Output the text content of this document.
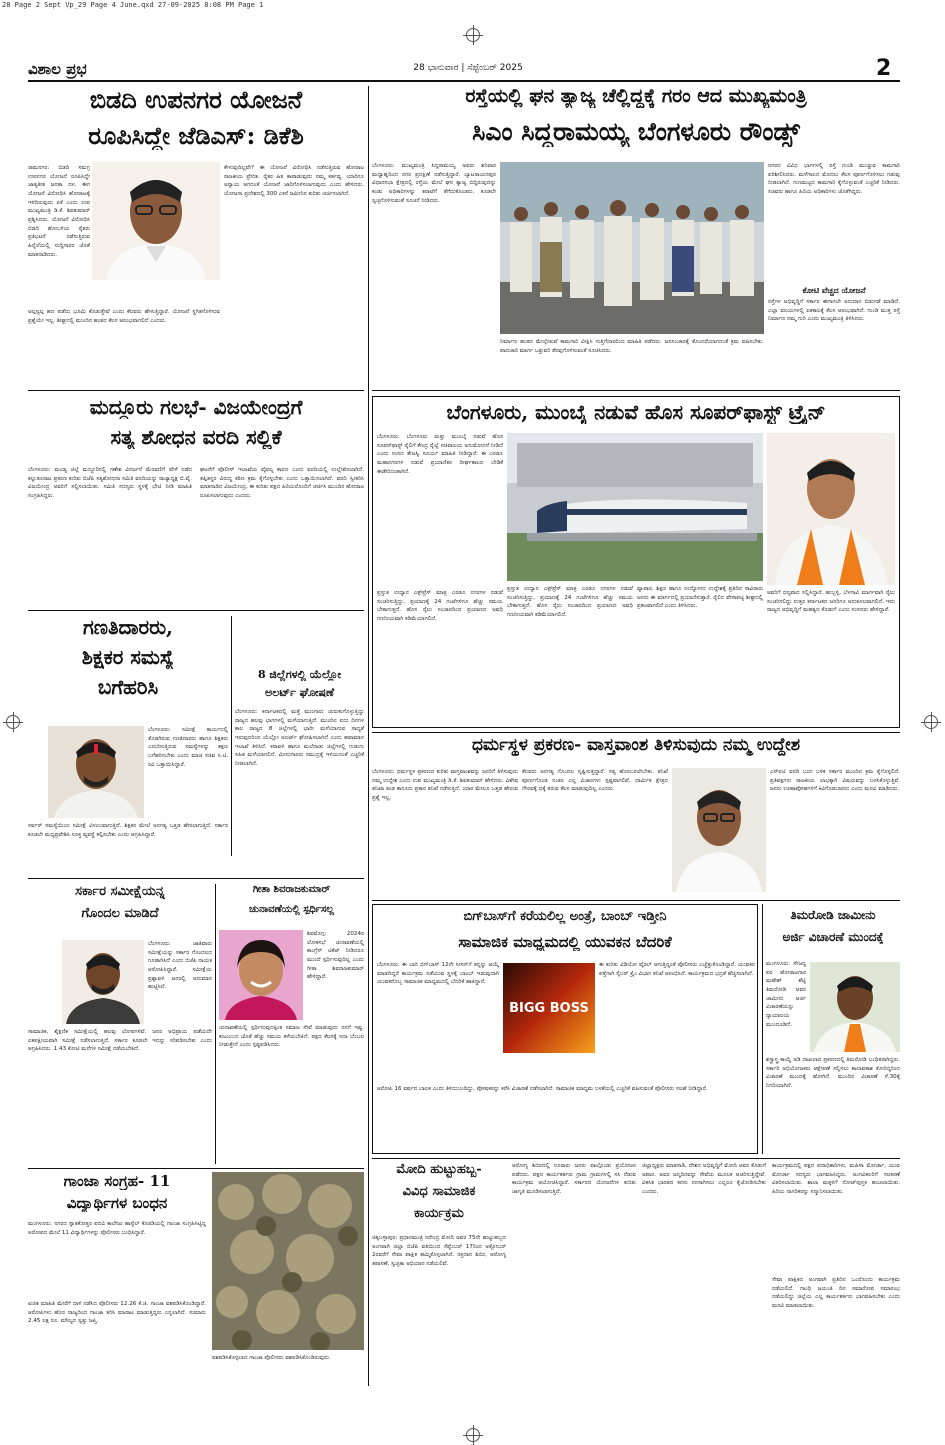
28 Page 2 Sept Vp_29 Page 4 June.qxd 27-09-2025 8:08 PM Page 1
ವಿಶಾಲ ಪ್ರಭ	28 ಭಾನುವಾರ | ಸೆಪ್ಟೆಂಬರ್ 2025	2
ಬಿಡದಿ ಉಪನಗರ ಯೋಜನೆ
ರೂಪಿಸಿದ್ದೇ ಜೆಡಿಎಸ್: ಡಿಕೆಶಿ
ರಾಮನಗರ: ಬಿಡದಿ ಸಮಗ್ರ ಉಪನಗರ ಯೋಜನೆ ರೂಪಿಸಿದ್ದೇ ಜಾತ್ಯತೀತ ಜನತಾ ದಳ. ಈಗ ಯೋಜನೆ ವಿರೋಧಿಸಿ ಹೋರಾಟಕ್ಕೆ ಇಳಿದಿರುವುದು ಏಕೆ ಎಂದು ಉಪ ಮುಖ್ಯಮಂತ್ರಿ ಡಿ.ಕೆ. ಶಿವಕುಮಾರ್ ಪ್ರಶ್ನಿಸಿದರು. ಯೋಜನೆ ವಿರೋಧಿಸಿ ಬಿಡದಿ ಹೋಬಳಿಯ ರೈತರು ಪ್ರತಿಭಟನೆ ನಡೆಸುತ್ತಿರುವ ಹಿನ್ನೆಲೆಯಲ್ಲಿ ಸುದ್ದಿಗಾರರ ಜೊತೆ ಮಾತನಾಡಿದರು.
ಕೇಳುವುದಿಲ್ಲವೇ? ಈ ಯೋಜನೆ ವಿರೋಧಿಸಿ ನಡೆಸುತ್ತಿರುವ ಹೋರಾಟ ರಾಜಕೀಯ ಪ್ರೇರಿತ. ರೈತರ ಹಿತ ಕಾಪಾಡುವುದು ನಮ್ಮ ಕರ್ತವ್ಯ. ಯಾರಿಗೂ ಅನ್ಯಾಯ ಆಗದಂತೆ ಯೋಜನೆ ಜಾರಿಗೊಳಿಸಲಾಗುವುದು ಎಂದು ಹೇಳಿದರು. ಯೋಜನಾ ಪ್ರದೇಶದಲ್ಲಿ 300 ಎಕರೆ ಜಮೀನಿನ ಕುರಿತು ಚರ್ಚಿಸಲಾಗಿದೆ.
ಅಲ್ಪಸ್ವಲ್ಪ ಹಣ ಪಡೆದು ಭೂಮಿ ಕೊಡುತ್ತೇವೆ ಎಂದು ಕೆಲವರು ಹೇಳುತ್ತಿದ್ದಾರೆ. ಯೋಜನೆ ಸ್ಥಗಿತಗೊಳಿಸುವ ಪ್ರಶ್ನೆಯೇ ಇಲ್ಲ. ಶೀಘ್ರದಲ್ಲಿ ಮುಂದಿನ ಹಂತದ ಕೆಲಸ ಆರಂಭವಾಗಲಿದೆ ಎಂದರು.
ರಸ್ತೆಯಲ್ಲಿ ಘನ ತ್ಯಾಜ್ಯ ಚೆಲ್ಲಿದ್ದಕ್ಕೆ ಗರಂ ಆದ ಮುಖ್ಯಮಂತ್ರಿ
ಸಿಎಂ ಸಿದ್ದರಾಮಯ್ಯ ಬೆಂಗಳೂರು ರೌಂಡ್ಸ್
ಬೆಂಗಳೂರು: ಮುಖ್ಯಮಂತ್ರಿ ಸಿದ್ದರಾಮಯ್ಯ ಅವರು ಶನಿವಾರ ಮಧ್ಯಾಹ್ನದಿಂದ ನಗರ ಪ್ರದಕ್ಷಿಣೆ ನಡೆಸುತ್ತಿದ್ದಾರೆ. ಬ್ಯಾಟರಾಯನಪುರ ವಿಧಾನಸಭಾ ಕ್ಷೇತ್ರದಲ್ಲಿ ರಸ್ತೆಯ ಮೇಲೆ ಘನ ತ್ಯಾಜ್ಯ ಬಿದ್ದಿರುವುದನ್ನು ಕಂಡು ಅಧಿಕಾರಿಗಳನ್ನು ತರಾಟೆಗೆ ತೆಗೆದುಕೊಂಡರು. ಕೂಡಲೇ ಸ್ವಚ್ಛಗೊಳಿಸುವಂತೆ ಸೂಚನೆ ನೀಡಿದರು.
ನಗರದ ವಿವಿಧ ಭಾಗಗಳಲ್ಲಿ ರಸ್ತೆ ಗುಂಡಿ ಮುಚ್ಚುವ ಕಾಮಗಾರಿ ಪರಿಶೀಲಿಸಿದರು. ಮಳೆಗಾಲದ ಮೊದಲು ಕೆಲಸ ಪೂರ್ಣಗೊಳಿಸಲು ಗಡುವು ನೀಡಲಾಗಿದೆ. ಗುಣಮಟ್ಟದ ಕಾಮಗಾರಿ ಕೈಗೊಳ್ಳುವಂತೆ ಎಚ್ಚರಿಕೆ ನೀಡಿದರು. ಸಚಿವರು ಹಾಗೂ ಹಿರಿಯ ಅಧಿಕಾರಿಗಳು ಜೊತೆಗಿದ್ದರು.
ಕೋಟಿ ವೆಚ್ಚದ ಯೋಜನೆ
ರಸ್ತೆಗಳ ಅಭಿವೃದ್ಧಿಗೆ ಸರ್ಕಾರ ಈಗಾಗಲೇ ಅನುದಾನ ಬಿಡುಗಡೆ ಮಾಡಿದೆ. ಎಲ್ಲಾ ವಲಯಗಳಲ್ಲಿ ಏಕಕಾಲಕ್ಕೆ ಕೆಲಸ ಆರಂಭವಾಗಿದೆ. ಗುಂಡಿ ಮುಕ್ತ ರಸ್ತೆ ನಿರ್ಮಾಣ ನಮ್ಮ ಗುರಿ ಎಂದು ಮುಖ್ಯಮಂತ್ರಿ ತಿಳಿಸಿದರು.
ನಿರ್ಮಾಣ ಹಂತದ ಮೇಲ್ಸೇತುವೆ ಕಾಮಗಾರಿ ವೀಕ್ಷಿಸಿ ಗುತ್ತಿಗೆದಾರರಿಂದ ಮಾಹಿತಿ ಪಡೆದರು. ಜನಸಂಚಾರಕ್ಕೆ ತೊಂದರೆಯಾಗದಂತೆ ಕ್ರಮ ವಹಿಸಬೇಕು. ಪಾದಚಾರಿ ಮಾರ್ಗ ಒತ್ತುವರಿ ತೆರವುಗೊಳಿಸುವಂತೆ ಸೂಚಿಸಿದರು.
ಮದ್ದೂರು ಗಲಭೆ- ವಿಜಯೇಂದ್ರಗೆ
ಸತ್ಯ ಶೋಧನ ವರದಿ ಸಲ್ಲಿಕೆ
ಬೆಂಗಳೂರು: ಮಂಡ್ಯ ಜಿಲ್ಲೆ ಮದ್ದೂರಿನಲ್ಲಿ ಗಣೇಶ ವಿಸರ್ಜನೆ ಮೆರವಣಿಗೆ ವೇಳೆ ನಡೆದ ಕಲ್ಲುತೂರಾಟ ಪ್ರಕರಣ ಕುರಿತು ಬಿಜೆಪಿ ಸತ್ಯಶೋಧನಾ ಸಮಿತಿ ವರದಿಯನ್ನು ರಾಜ್ಯಾಧ್ಯಕ್ಷ ಬಿ.ವೈ. ವಿಜಯೇಂದ್ರ ಅವರಿಗೆ ಸಲ್ಲಿಸಲಾಯಿತು. ಸಮಿತಿ ಸದಸ್ಯರು ಸ್ಥಳಕ್ಕೆ ಭೇಟಿ ನೀಡಿ ಮಾಹಿತಿ ಸಂಗ್ರಹಿಸಿದ್ದರು.
ಘಟನೆಗೆ ಪೊಲೀಸ್ ಇಲಾಖೆಯ ವೈಫಲ್ಯ ಕಾರಣ ಎಂದು ವರದಿಯಲ್ಲಿ ಉಲ್ಲೇಖಿಸಲಾಗಿದೆ. ತಪ್ಪಿತಸ್ಥರ ವಿರುದ್ಧ ಕಠಿಣ ಕ್ರಮ ಕೈಗೊಳ್ಳಬೇಕು ಎಂದು ಒತ್ತಾಯಿಸಲಾಗಿದೆ. ವರದಿ ಸ್ವೀಕರಿಸಿ ಮಾತನಾಡಿದ ವಿಜಯೇಂದ್ರ, ಈ ಕುರಿತು ಪಕ್ಷದ ಹಿರಿಯರೊಂದಿಗೆ ಚರ್ಚಿಸಿ ಮುಂದಿನ ಹೋರಾಟ ರೂಪಿಸಲಾಗುವುದು ಎಂದರು.
ಬೆಂಗಳೂರು, ಮುಂಬೈ ನಡುವೆ ಹೊಸ ಸೂಪರ್‌ಫಾಸ್ಟ್ ಟ್ರೈನ್
ಬೆಂಗಳೂರು: ಬೆಂಗಳೂರು ಮತ್ತು ಮುಂಬೈ ನಡುವೆ ಹೊಸ ಸೂಪರ್‌ಫಾಸ್ಟ್ ರೈಲಿಗೆ ಕೇಂದ್ರ ರೈಲ್ವೆ ಸಚಿವಾಲಯ ಅನುಮೋದನೆ ನೀಡಿದೆ ಎಂದು ಸಂಸದ ತೇಜಸ್ವಿ ಸೂರ್ಯ ಮಾಹಿತಿ ನೀಡಿದ್ದಾರೆ. ಈ ಎರಡೂ ಮಹಾನಗರಗಳ ನಡುವೆ ಪ್ರಯಾಣಿಕರ ದೀರ್ಘಕಾಲದ ಬೇಡಿಕೆ ಈಡೇರಿದಂತಾಗಿದೆ.
ಪ್ರಸ್ತುತ ಉದ್ಯಾನ ಎಕ್ಸ್‌ಪ್ರೆಸ್ ಮಾತ್ರ ಎರಡೂ ನಗರಗಳ ನಡುವೆ ಸಂಚರಿಸುತ್ತಿದ್ದು, ಪ್ರಯಾಣಕ್ಕೆ 24 ಗಂಟೆಗಳಿಗೂ ಹೆಚ್ಚು ಸಮಯ ಬೇಕಾಗುತ್ತದೆ. ಹೊಸ ರೈಲು ಸಂಚಾರದಿಂದ ಪ್ರಯಾಣದ ಅವಧಿ ಗಣನೀಯವಾಗಿ ಕಡಿಮೆಯಾಗಲಿದೆ.
ವ್ಯಾಪಾರ, ಶಿಕ್ಷಣ ಹಾಗೂ ಉದ್ಯೋಗದ ಉದ್ದೇಶಕ್ಕೆ ಪ್ರತಿದಿನ ಸಾವಿರಾರು ಜನರು ಈ ಮಾರ್ಗದಲ್ಲಿ ಪ್ರಯಾಣಿಸುತ್ತಾರೆ. ರೈಲಿನ ವೇಳಾಪಟ್ಟಿ ಶೀಘ್ರದಲ್ಲಿ ಪ್ರಕಟವಾಗಲಿದೆ ಎಂದು ತಿಳಿಸಿದರು.
ಪ್ರಸ್ತುತ ಉದ್ಯಾನ ಎಕ್ಸ್‌ಪ್ರೆಸ್ ಮಾತ್ರ ಎರಡೂ ನಗರಗಳ ನಡುವೆ ಸಂಚರಿಸುತ್ತಿದ್ದು, ಪ್ರಯಾಣಕ್ಕೆ 24 ಗಂಟೆಗಳಿಗೂ ಹೆಚ್ಚು ಸಮಯ ಬೇಕಾಗುತ್ತದೆ. ಹೊಸ ರೈಲು ಸಂಚಾರದಿಂದ ಪ್ರಯಾಣದ ಅವಧಿ ಗಣನೀಯವಾಗಿ ಕಡಿಮೆಯಾಗಲಿದೆ.
ಅವರಿಗೆ ಧನ್ಯವಾದ ಸಲ್ಲಿಸಿದ್ದಾರೆ. ಹುಬ್ಬಳ್ಳಿ, ಬೆಳಗಾವಿ ಮಾರ್ಗವಾಗಿ ರೈಲು ಸಂಚರಿಸಲಿದ್ದು ಉತ್ತರ ಕರ್ನಾಟಕದ ಜನರಿಗೂ ಅನುಕೂಲವಾಗಲಿದೆ. ಇದು ರಾಜ್ಯದ ಅಭಿವೃದ್ಧಿಗೆ ಮಹತ್ವದ ಕೊಡುಗೆ ಎಂದು ಸಂಸದರು ಹೇಳಿದ್ದಾರೆ.
ಗಣತಿದಾರರು,
ಶಿಕ್ಷಕರ ಸಮಸ್ಯೆ
ಬಗೆಹರಿಸಿ
ಬೆಂಗಳೂರು: ಸಮೀಕ್ಷೆ ಕಾರ್ಯದಲ್ಲಿ ತೊಡಗಿರುವ ಗಣತಿದಾರರು ಹಾಗೂ ಶಿಕ್ಷಕರು ಎದುರಿಸುತ್ತಿರುವ ಸಮಸ್ಯೆಗಳನ್ನು ತಕ್ಷಣ ಬಗೆಹರಿಸಬೇಕು ಎಂದು ಮಾಜಿ ಸಚಿವ ಸಿ.ಟಿ. ರವಿ ಒತ್ತಾಯಿಸಿದ್ದಾರೆ.
ಸರ್ವರ್ ಸಮಸ್ಯೆಯಿಂದ ಸಮೀಕ್ಷೆ ವಿಳಂಬವಾಗುತ್ತಿದೆ. ಶಿಕ್ಷಕರ ಮೇಲೆ ಅನಗತ್ಯ ಒತ್ತಡ ಹೇರಲಾಗುತ್ತಿದೆ. ಸರ್ಕಾರ ಕೂಡಲೇ ಮಧ್ಯಪ್ರವೇಶಿಸಿ ಸೂಕ್ತ ವ್ಯವಸ್ಥೆ ಕಲ್ಪಿಸಬೇಕು ಎಂದು ಆಗ್ರಹಿಸಿದ್ದಾರೆ.
8 ಜಿಲ್ಲೆಗಳಲ್ಲಿ ಯೆಲ್ಲೋ
ಅಲರ್ಟ್ ಘೋಷಣೆ
ಬೆಂಗಳೂರು: ಕರ್ನಾಟಕದಲ್ಲಿ ಮತ್ತೆ ಮುಂಗಾರು ಚುರುಕುಗೊಳ್ಳುತ್ತಿದ್ದು ರಾಜ್ಯದ ಹಲವು ಭಾಗಗಳಲ್ಲಿ ಮಳೆಯಾಗುತ್ತಿದೆ. ಮುಂದಿನ ಐದು ದಿನಗಳ ಕಾಲ ರಾಜ್ಯದ 8 ಜಿಲ್ಲೆಗಳಲ್ಲಿ ಭಾರೀ ಮಳೆಯಾಗುವ ಸಾಧ್ಯತೆ ಇರುವುದರಿಂದ ಯೆಲ್ಲೋ ಅಲರ್ಟ್ ಘೋಷಿಸಲಾಗಿದೆ ಎಂದು ಹವಾಮಾನ ಇಲಾಖೆ ತಿಳಿಸಿದೆ. ಕರಾವಳಿ ಹಾಗೂ ಮಲೆನಾಡು ಜಿಲ್ಲೆಗಳಲ್ಲಿ ಗುಡುಗು ಸಹಿತ ಮಳೆಯಾಗಲಿದೆ. ಮೀನುಗಾರರು ಸಮುದ್ರಕ್ಕೆ ಇಳಿಯದಂತೆ ಎಚ್ಚರಿಕೆ ನೀಡಲಾಗಿದೆ.
ಧರ್ಮಸ್ಥಳ ಪ್ರಕರಣ- ವಾಸ್ತವಾಂಶ ತಿಳಿಸುವುದು ನಮ್ಮ ಉದ್ದೇಶ
ಬೆಂಗಳೂರು: ಧರ್ಮಸ್ಥಳ ಪ್ರಕರಣದ ಕುರಿತು ವಾಸ್ತವಾಂಶವನ್ನು ಜನರಿಗೆ ತಿಳಿಸುವುದು ನಮ್ಮ ಉದ್ದೇಶ ಎಂದು ಉಪ ಮುಖ್ಯಮಂತ್ರಿ ಡಿ.ಕೆ. ಶಿವಕುಮಾರ್ ಹೇಳಿದರು. ವಿಶೇಷ ತನಿಖಾ ತಂಡ ಕಾನೂನು ಪ್ರಕಾರ ತನಿಖೆ ನಡೆಸುತ್ತಿದೆ. ಯಾರ ಮೇಲೂ ಒತ್ತಡ ಹೇರುವ ಪ್ರಶ್ನೆ ಇಲ್ಲ.
ಕೆಲವರು ಅನಗತ್ಯ ಗೊಂದಲ ಸೃಷ್ಟಿಸುತ್ತಿದ್ದಾರೆ. ಸತ್ಯ ಹೊರಬರಲೇಬೇಕು. ತನಿಖೆ ಪೂರ್ಣಗೊಂಡ ನಂತರ ಎಲ್ಲ ವಿಚಾರಗಳು ಸ್ಪಷ್ಟವಾಗಲಿವೆ. ಧಾರ್ಮಿಕ ಕ್ಷೇತ್ರದ ಗೌರವಕ್ಕೆ ಧಕ್ಕೆ ತರುವ ಕೆಲಸ ಮಾಡುವುದಿಲ್ಲ ಎಂದರು.
ಎಸ್‌ಐಟಿ ವರದಿ ಬಂದ ಬಳಿಕ ಸರ್ಕಾರ ಮುಂದಿನ ಕ್ರಮ ಕೈಗೊಳ್ಳಲಿದೆ. ಪ್ರತಿಪಕ್ಷಗಳು ರಾಜಕೀಯ ಲಾಭಕ್ಕಾಗಿ ವಿಷಯವನ್ನು ಬಳಸಿಕೊಳ್ಳುತ್ತಿವೆ. ಜನರು ಊಹಾಪೋಹಗಳಿಗೆ ಕಿವಿಗೊಡಬಾರದು ಎಂದು ಮನವಿ ಮಾಡಿದರು.
ಸರ್ಕಾರ ಸಮೀಕ್ಷೆಯನ್ನ
ಗೊಂದಲ ಮಾಡಿದೆ
ಬೆಂಗಳೂರು: ಜಾತಿವಾರು ಸಮೀಕ್ಷೆಯನ್ನು ಸರ್ಕಾರ ಗೊಂದಲದ ಗೂಡಾಗಿಸಿದೆ ಎಂದು ಬಿಜೆಪಿ ನಾಯಕ ಆರೋಪಿಸಿದ್ದಾರೆ. ಸಮೀಕ್ಷೆಯ ಪ್ರಶ್ನಾವಳಿ ಜನರಲ್ಲಿ ಅನುಮಾನ ಹುಟ್ಟಿಸಿದೆ.
ಸಾಮಾಜಿಕ, ಶೈಕ್ಷಣಿಕ ಸಮೀಕ್ಷೆಯಲ್ಲಿ ಹಲವು ಲೋಪಗಳಿವೆ. ಜನರ ಅಭಿಪ್ರಾಯ ಪಡೆಯದೇ ಏಕಪಕ್ಷೀಯವಾಗಿ ಸಮೀಕ್ಷೆ ನಡೆಸಲಾಗುತ್ತಿದೆ. ಸರ್ಕಾರ ಕೂಡಲೇ ಇದನ್ನು ಸರಿಪಡಿಸಬೇಕು ಎಂದು ಆಗ್ರಹಿಸಿದರು. 1.43 ಕೋಟಿ ಮನೆಗಳ ಸಮೀಕ್ಷೆ ನಡೆಯಬೇಕಿದೆ.
ಗೀತಾ ಶಿವರಾಜಕುಮಾರ್
ಚುನಾವಣೆಯಲ್ಲಿ ಸ್ಪರ್ಧಿಸಲ್ಲ
ಶಿವಮೊಗ್ಗ: 2024ರ ಲೋಕಸಭೆ ಚುನಾವಣೆಯಲ್ಲಿ ಕಾಂಗ್ರೆಸ್ ಟಿಕೆಟ್ ನೀಡಿದರೂ ಮುಂದೆ ಸ್ಪರ್ಧಿಸುವುದಿಲ್ಲ ಎಂದು ಗೀತಾ ಶಿವರಾಜಕುಮಾರ್ ಹೇಳಿದ್ದಾರೆ.
ಚುನಾವಣೆಯಲ್ಲಿ ಸ್ಪರ್ಧಿಸುವುದಕ್ಕಿಂತ ಸಮಾಜ ಸೇವೆ ಮಾಡುವುದು ನನಗೆ ಇಷ್ಟ. ಕುಟುಂಬದ ಜೊತೆ ಹೆಚ್ಚು ಸಮಯ ಕಳೆಯಬೇಕಿದೆ. ಪಕ್ಷದ ಕೆಲಸಕ್ಕೆ ಸದಾ ಬೆಂಬಲ ನೀಡುತ್ತೇನೆ ಎಂದು ಸ್ಪಷ್ಟಪಡಿಸಿದರು.
ಬಿಗ್‌ಬಾಸ್‌ಗೆ ಕರೆಯಲಿಲ್ಲ ಅಂತ್ರೆ, ಬಾಂಬ್ ಇಡ್ತೀನಿ
ಸಾಮಾಜಿಕ ಮಾಧ್ಯಮದಲ್ಲಿ ಯುವಕನ ಬೆದರಿಕೆ
ಬೆಂಗಳೂರು: ಈ ಬಾರಿ ಬಿಗ್‌ಬಾಸ್ 12ನೇ ಸೀಸನ್‌ಗೆ ತನ್ನನ್ನು ಆಯ್ಕೆ ಮಾಡದಿದ್ದರೆ ಕಾರ್ಯಕ್ರಮ ನಡೆಯುವ ಸ್ಥಳಕ್ಕೆ ಬಾಂಬ್ ಇಡುವುದಾಗಿ ಯುವಕನೊಬ್ಬ ಸಾಮಾಜಿಕ ಮಾಧ್ಯಮದಲ್ಲಿ ಬೆದರಿಕೆ ಹಾಕಿದ್ದಾನೆ.
BIGG BOSS
ಈ ಕುರಿತು ವಿಡಿಯೋ ವೈರಲ್ ಆಗುತ್ತಿದ್ದಂತೆ ಪೊಲೀಸರು ಎಚ್ಚೆತ್ತುಕೊಂಡಿದ್ದಾರೆ. ಯುವಕನ ಪತ್ತೆಗಾಗಿ ಸೈಬರ್ ಕ್ರೈಂ ವಿಭಾಗ ತನಿಖೆ ಆರಂಭಿಸಿದೆ. ಕಾರ್ಯಕ್ರಮದ ಭದ್ರತೆ ಹೆಚ್ಚಿಸಲಾಗಿದೆ.
ಆರೋಪಿ 16 ವರ್ಷದ ಬಾಲಕ ಎಂದು ತಿಳಿದುಬಂದಿದ್ದು, ಪೋಷಕರನ್ನು ಕರೆಸಿ ವಿಚಾರಣೆ ನಡೆಸಲಾಗಿದೆ. ಸಾಮಾಜಿಕ ಮಾಧ್ಯಮ ಬಳಕೆಯಲ್ಲಿ ಎಚ್ಚರಿಕೆ ವಹಿಸುವಂತೆ ಪೊಲೀಸರು ಸಲಹೆ ನೀಡಿದ್ದಾರೆ.
ತಿಮರೋಡಿ ಜಾಮೀನು
ಅರ್ಜಿ ವಿಚಾರಣೆ ಮುಂದಕ್ಕೆ
ಮಂಗಳೂರು: ಸೌಜನ್ಯ ಪರ ಹೋರಾಟಗಾರ ಮಹೇಶ್ ಶೆಟ್ಟಿ ತಿಮರೋಡಿ ಅವರ ಜಾಮೀನು ಅರ್ಜಿ ವಿಚಾರಣೆಯನ್ನು ನ್ಯಾಯಾಲಯ ಮುಂದೂಡಿದೆ.
ಶಸ್ತ್ರಾಸ್ತ್ರ ಕಾಯ್ದೆ ಅಡಿ ದಾಖಲಾದ ಪ್ರಕರಣದಲ್ಲಿ ತಿಮರೋಡಿ ಬಂಧಿತರಾಗಿದ್ದರು. ಸರ್ಕಾರಿ ಅಭಿಯೋಜಕರು ಆಕ್ಷೇಪಣೆ ಸಲ್ಲಿಸಲು ಕಾಲಾವಕಾಶ ಕೋರಿದ್ದರಿಂದ ವಿಚಾರಣೆ ಮುಂದಕ್ಕೆ ಹೋಗಿದೆ. ಮುಂದಿನ ವಿಚಾರಣೆ ಸೆ.30ಕ್ಕೆ ನಿಗದಿಯಾಗಿದೆ.
ಗಾಂಜಾ ಸಂಗ್ರಹ- 11
ವಿದ್ಯಾರ್ಥಿಗಳ ಬಂಧನ
ಮಂಗಳೂರು: ನಗರದ ಸ್ನಾತಕೋತ್ತರ ಪದವಿ ಕಾಲೇಜು ಹಾಸ್ಟೆಲ್ ಕೊಠಡಿಯಲ್ಲಿ ಗಾಂಜಾ ಸಂಗ್ರಹಿಸಿಟ್ಟಿದ್ದ ಆರೋಪದ ಮೇಲೆ 11 ವಿದ್ಯಾರ್ಥಿಗಳನ್ನು ಪೊಲೀಸರು ಬಂಧಿಸಿದ್ದಾರೆ.
ಖಚಿತ ಮಾಹಿತಿ ಮೇರೆಗೆ ದಾಳಿ ನಡೆಸಿದ ಪೊಲೀಸರು 12.26 ಕೆ.ಜಿ. ಗಾಂಜಾ ವಶಪಡಿಸಿಕೊಂಡಿದ್ದಾರೆ. ಆರೋಪಿಗಳು ಹೊರ ರಾಜ್ಯದಿಂದ ಗಾಂಜಾ ತರಿಸಿ ಮಾರಾಟ ಮಾಡುತ್ತಿದ್ದರು ಎನ್ನಲಾಗಿದೆ. ಸುಮಾರು 2.45 ಲಕ್ಷ ರೂ. ಮೌಲ್ಯದ ಸ್ವತ್ತು ಜಪ್ತಿ.
ವಶಪಡಿಸಿಕೊಳ್ಳಲಾದ ಗಾಂಜಾ ಪೊಲೀಸರು ವಶಪಡಿಸಿಕೊಂಡಿರುವುದು.
ಮೋದಿ ಹುಟ್ಟುಹಬ್ಬ-
ವಿವಿಧ ಸಾಮಾಜಿಕ
ಕಾರ್ಯಕ್ರಮ
ಚಿಕ್ಕಬಳ್ಳಾಪುರ: ಪ್ರಧಾನಮಂತ್ರಿ ನರೇಂದ್ರ ಮೋದಿ ಅವರ 75ನೇ ಹುಟ್ಟುಹಬ್ಬದ ಅಂಗವಾಗಿ ಜಿಲ್ಲಾ ಬಿಜೆಪಿ ವತಿಯಿಂದ ಸೆಪ್ಟೆಂಬರ್ 17ರಿಂದ ಅಕ್ಟೋಬರ್ 2ರವರೆಗೆ ಸೇವಾ ಪಾಕ್ಷಿಕ ಹಮ್ಮಿಕೊಳ್ಳಲಾಗಿದೆ. ರಕ್ತದಾನ ಶಿಬಿರ, ಆರೋಗ್ಯ ತಪಾಸಣೆ, ಸ್ವಚ್ಛತಾ ಅಭಿಯಾನ ನಡೆಯಲಿವೆ.
ಆರೋಗ್ಯ ಶಿಬಿರದಲ್ಲಿ ನೂರಾರು ಜನರು ಪಾಲ್ಗೊಂಡು ಪ್ರಯೋಜನ ಪಡೆದರು. ಪಕ್ಷದ ಕಾರ್ಯಕರ್ತರು ಗ್ರಾಮ ಗ್ರಾಮಗಳಲ್ಲಿ ಸಸಿ ನೆಡುವ ಕಾರ್ಯಕ್ರಮ ಆಯೋಜಿಸಿದ್ದಾರೆ. ಸರ್ಕಾರದ ಯೋಜನೆಗಳ ಕುರಿತು ಜಾಗೃತಿ ಮೂಡಿಸಲಾಗುತ್ತಿದೆ.
ಜಿಲ್ಲಾಧ್ಯಕ್ಷರು ಮಾತನಾಡಿ, ದೇಶದ ಅಭಿವೃದ್ಧಿಗೆ ಮೋದಿ ಅವರ ಕೊಡುಗೆ ಅಪಾರ. ಅವರ ಜನ್ಮದಿನವನ್ನು ಸೇವೆಯ ಮೂಲಕ ಆಚರಿಸುತ್ತಿದ್ದೇವೆ. ವಿಕಸಿತ ಭಾರತದ ಕನಸು ನನಸಾಗಿಸಲು ಎಲ್ಲರೂ ಕೈಜೋಡಿಸಬೇಕು ಎಂದರು.
ಕಾರ್ಯಕ್ರಮದಲ್ಲಿ ಪಕ್ಷದ ಪದಾಧಿಕಾರಿಗಳು, ಮಹಿಳಾ ಮೋರ್ಚಾ, ಯುವ ಮೋರ್ಚಾ ಸದಸ್ಯರು ಭಾಗವಹಿಸಿದ್ದರು. ಅಂಗವಿಕಲರಿಗೆ ಸಲಕರಣೆ ವಿತರಿಸಲಾಯಿತು. ಶಾಲಾ ಮಕ್ಕಳಿಗೆ ನೋಟ್‌ಪುಸ್ತಕ ಹಂಚಲಾಯಿತು. ಹಿರಿಯ ನಾಗರಿಕರನ್ನು ಸನ್ಮಾನಿಸಲಾಯಿತು.
ಸೇವಾ ಪಾಕ್ಷಿಕದ ಅಂಗವಾಗಿ ಪ್ರತಿದಿನ ಒಂದೊಂದು ಕಾರ್ಯಕ್ರಮ ನಡೆಯಲಿದೆ. ಗಾಂಧಿ ಜಯಂತಿ ದಿನ ಸಮಾರೋಪ ಸಮಾರಂಭ ನಡೆಯಲಿದ್ದು ಜಿಲ್ಲೆಯ ಎಲ್ಲ ಕಾರ್ಯಕರ್ತರು ಭಾಗವಹಿಸಬೇಕು ಎಂದು ಮನವಿ ಮಾಡಲಾಯಿತು.
